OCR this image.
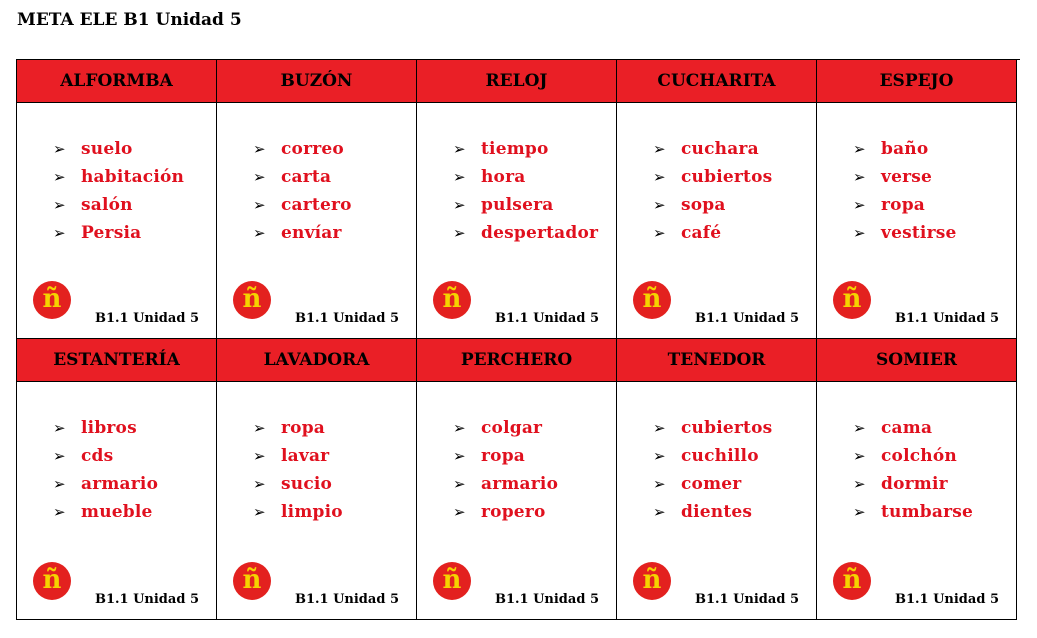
META ELE B1 Unidad 5
ALFORMBA
➢ suelo
➢ habitación
➢ salón
➢ Persia
ñ
B1.1 Unidad 5
BUZÓN
➢ correo
➢ carta
➢ cartero
➢ envíar
ñ
B1.1 Unidad 5
RELOJ
➢ tiempo
➢ hora
➢ pulsera
➢ despertador
ñ
B1.1 Unidad 5
CUCHARITA
➢ cuchara
➢ cubiertos
➢ sopa
➢ café
ñ
B1.1 Unidad 5
ESPEJO
➢ baño
➢ verse
➢ ropa
➢ vestirse
ñ
B1.1 Unidad 5
ESTANTERÍA
➢ libros
➢ cds
➢ armario
➢ mueble
ñ
B1.1 Unidad 5
LAVADORA
➢ ropa
➢ lavar
➢ sucio
➢ limpio
ñ
B1.1 Unidad 5
PERCHERO
➢ colgar
➢ ropa
➢ armario
➢ ropero
ñ
B1.1 Unidad 5
TENEDOR
➢ cubiertos
➢ cuchillo
➢ comer
➢ dientes
ñ
B1.1 Unidad 5
SOMIER
➢ cama
➢ colchón
➢ dormir
➢ tumbarse
ñ
B1.1 Unidad 5
